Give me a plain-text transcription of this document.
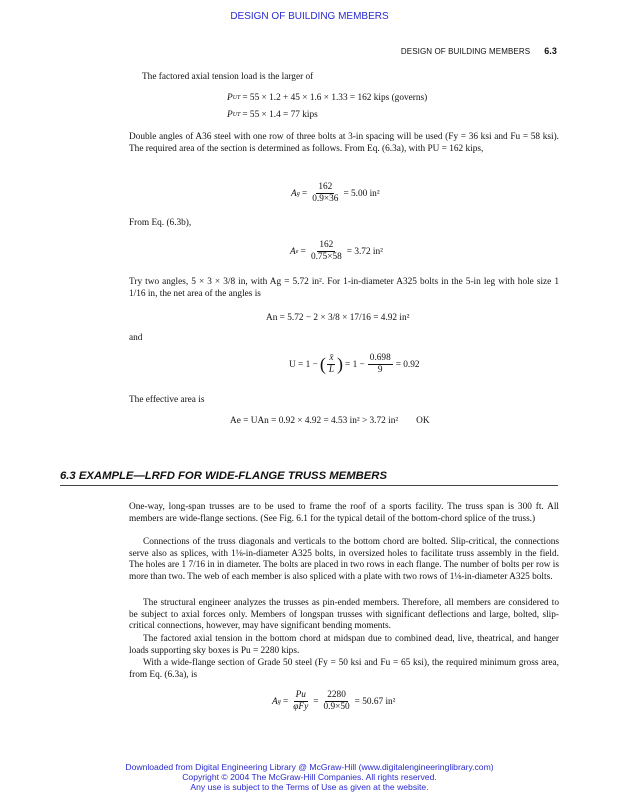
DESIGN OF BUILDING MEMBERS
DESIGN OF BUILDING MEMBERS 6.3
The factored axial tension load is the larger of
P UT = 55 × 1.2 + 45 × 1.6 × 1.33 = 162 kips (governs)
P UT = 55 × 1.4 = 77 kips
Double angles of A36 steel with one row of three bolts at 3-in spacing will be used (Fy = 36 ksi and Fu = 58 ksi). The required area of the section is determined as follows. From Eq. (6.3a), with PU = 162 kips,
A $g = \frac{162}{0.9\times 36} = 5.00$ in²
From Eq. (6.3b),
A $e = \frac{162}{0.75\times 58} = 3.72$ in²
Try two angles, 5 × 3 × 3/8 in, with Ag = 5.72 in². For 1-in-diameter A325 bolts in the 5-in leg with hole size 1 1/16 in, the net area of the angles is
An = 5.72 − 2 × 3/8 × 17/16 = 4.92 in²
and
U = 1 − ( $\frac{x̄}{L}$ ) = $1 - \frac{0.698}{9} = 0.92$
The effective area is
Ae = UAn = 0.92 × 4.92 = 4.53 in² > 3.72 in² OK
6.3 EXAMPLE—LRFD FOR WIDE-FLANGE TRUSS MEMBERS
One-way, long-span trusses are to be used to frame the roof of a sports facility. The truss span is 300 ft. All members are wide-flange sections. (See Fig. 6.1 for the typical detail of the bottom-chord splice of the truss.)
Connections of the truss diagonals and verticals to the bottom chord are bolted. Slip-critical, the connections serve also as splices, with 1⅛-in-diameter A325 bolts, in oversized holes to facilitate truss assembly in the field. The holes are 1 7/16 in in diameter. The bolts are placed in two rows in each flange. The number of bolts per row is more than two. The web of each member is also spliced with a plate with two rows of 1⅛-in-diameter A325 bolts.
The structural engineer analyzes the trusses as pin-ended members. Therefore, all members are considered to be subject to axial forces only. Members of longspan trusses with significant deflections and large, bolted, slip-critical connections, however, may have significant bending moments.
The factored axial tension in the bottom chord at midspan due to combined dead, live, theatrical, and hanger loads supporting sky boxes is Pu = 2280 kips.
With a wide-flange section of Grade 50 steel (Fy = 50 ksi and Fu = 65 ksi), the required minimum gross area, from Eq. (6.3a), is
A $g = \frac{Pu}{\text{φFy}} = \frac{2280}{0.9\times 50} = 50.67$ in²
Downloaded from Digital Engineering Library @ McGraw-Hill (www.digitalengineeringlibrary.com)
Copyright © 2004 The McGraw-Hill Companies. All rights reserved.
Any use is subject to the Terms of Use as given at the website.
